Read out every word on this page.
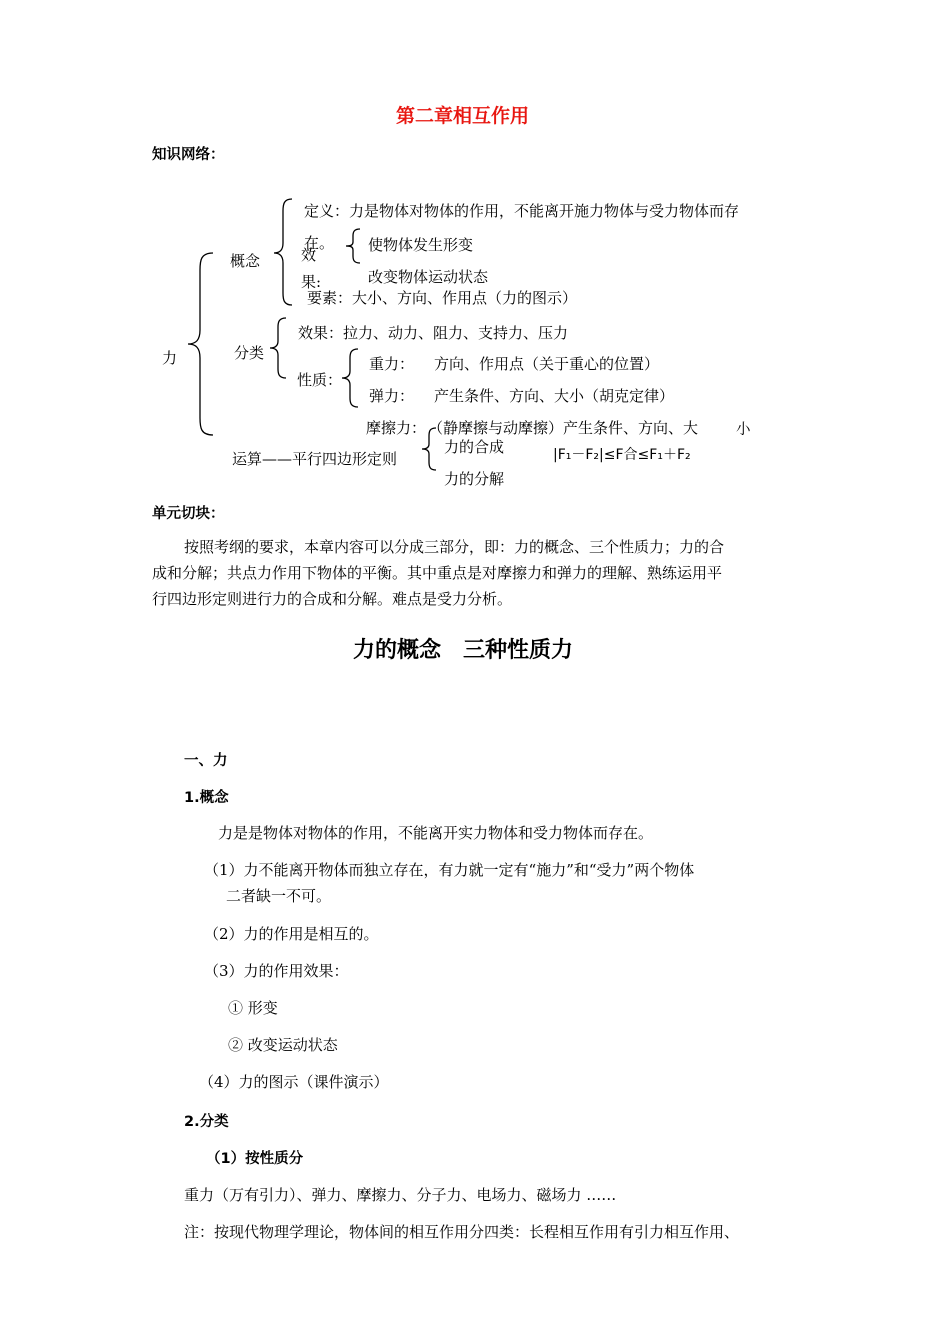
第二章相互作用
知识网络：
力
概念
定义：力是物体对物体的作用，不能离开施力物体与受力物体而存
在。
效
果:
使物体发生形变
改变物体运动状态
要素：大小、方向、作用点（力的图示）
分类
效果：拉力、动力、阻力、支持力、压力
性质：
重力： 方向、作用点（关于重心的位置）
弹力： 产生条件、方向、大小（胡克定律）
摩擦力： （静摩擦与动摩擦）产生条件、方向、大	小
运算——平行四边形定则
力的合成
力的分解
|F₁－F₂|≤F合≤F₁＋F₂
单元切块：
按照考纲的要求，本章内容可以分成三部分，即：力的概念、三个性质力；力的合
成和分解；共点力作用下物体的平衡。其中重点是对摩擦力和弹力的理解、熟练运用平
行四边形定则进行力的合成和分解。难点是受力分析。
力的概念　三种性质力
一、力
1.概念
力是是物体对物体的作用，不能离开实力物体和受力物体而存在。
（1）力不能离开物体而独立存在，有力就一定有“施力”和“受力”两个物体
二者缺一不可。
（2）力的作用是相互的。
（3）力的作用效果：
① 形变
② 改变运动状态
（4）力的图示（课件演示）
2.分类
（1）按性质分
重力（万有引力）、弹力、摩擦力、分子力、电场力、磁场力 ……
注：按现代物理学理论，物体间的相互作用分四类：长程相互作用有引力相互作用、
